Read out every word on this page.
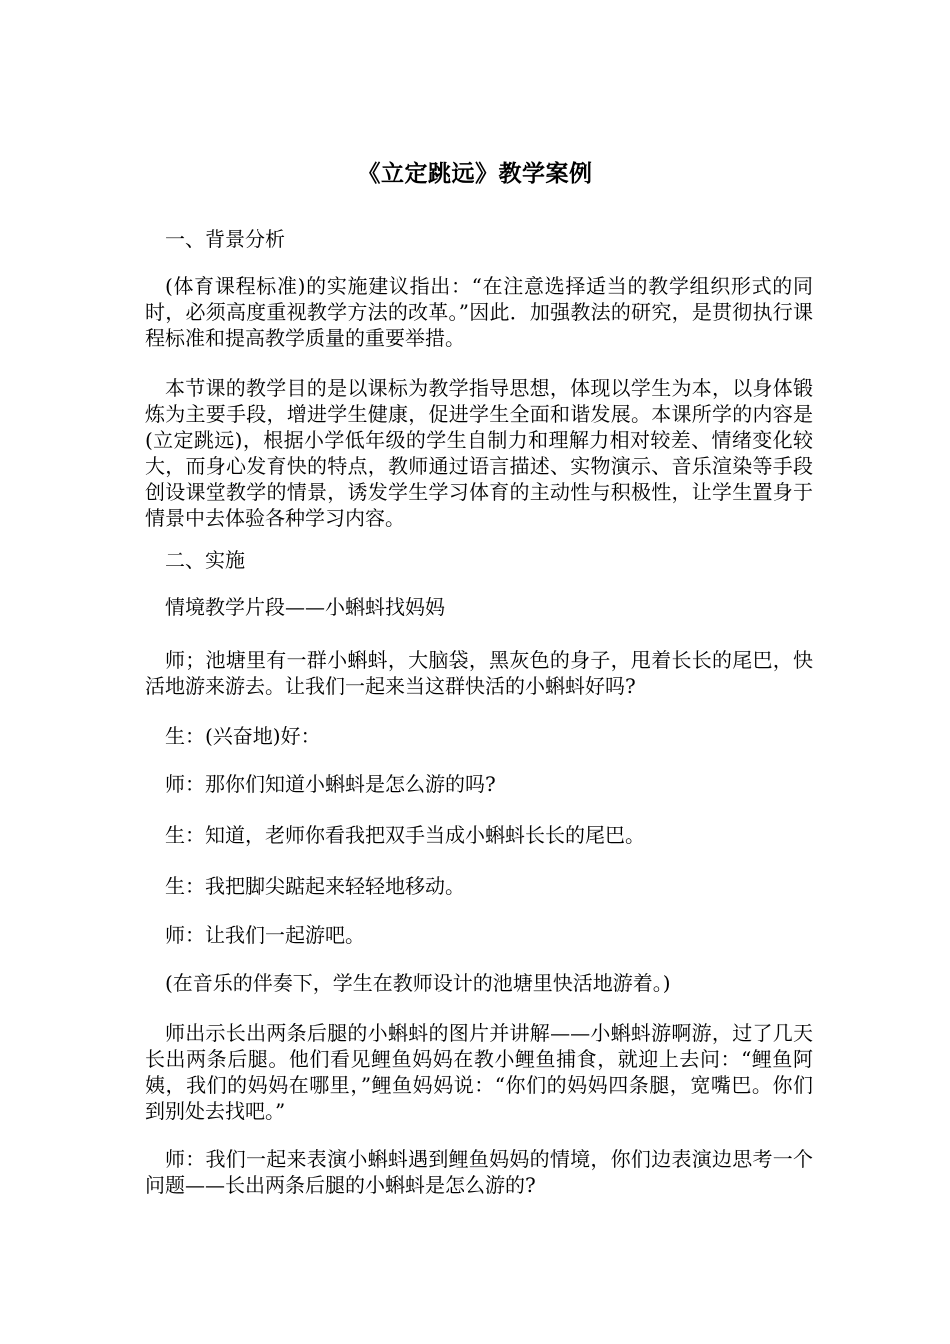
《立定跳远》教学案例

一、背景分析

(体育课程标准)的实施建议指出：“在注意选择适当的教学组织形式的同时，必须高度重视教学方法的改革。”因此．加强教法的研究，是贯彻执行课程标准和提高教学质量的重要举措。

本节课的教学目的是以课标为教学指导思想，体现以学生为本，以身体锻炼为主要手段，增进学生健康，促进学生全面和谐发展。本课所学的内容是(立定跳远)，根据小学低年级的学生自制力和理解力相对较差、情绪变化较大，而身心发育快的特点，教师通过语言描述、实物演示、音乐渲染等手段创设课堂教学的情景，诱发学生学习体育的主动性与积极性，让学生置身于情景中去体验各种学习内容。

二、实施

情境教学片段——小蝌蚪找妈妈

师；池塘里有一群小蝌蚪，大脑袋，黑灰色的身子，甩着长长的尾巴，快活地游来游去。让我们一起来当这群快活的小蝌蚪好吗?

生：(兴奋地)好：

师：那你们知道小蝌蚪是怎么游的吗?

生：知道，老师你看我把双手当成小蝌蚪长长的尾巴。

生：我把脚尖踮起来轻轻地移动。

师：让我们一起游吧。

(在音乐的伴奏下，学生在教师设计的池塘里快活地游着。)

师出示长出两条后腿的小蝌蚪的图片并讲解——小蝌蚪游啊游，过了几天长出两条后腿。他们看见鲤鱼妈妈在教小鲤鱼捕食，就迎上去问：“鲤鱼阿姨，我们的妈妈在哪里，”鲤鱼妈妈说：“你们的妈妈四条腿，宽嘴巴。你们到别处去找吧。”

师：我们一起来表演小蝌蚪遇到鲤鱼妈妈的情境，你们边表演边思考一个问题——长出两条后腿的小蝌蚪是怎么游的?
